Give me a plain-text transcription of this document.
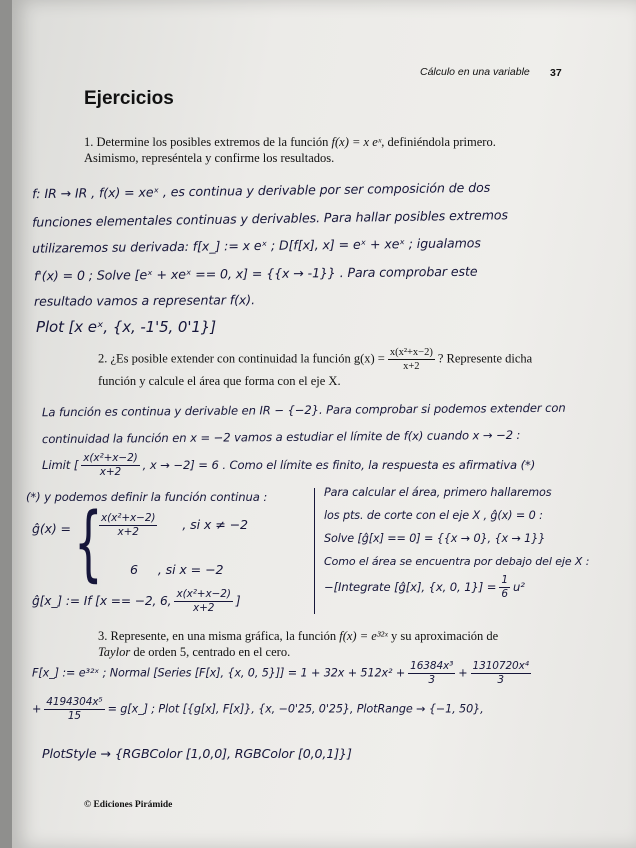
Cálculo en una variable 37
Ejercicios

1. Determine los posibles extremos de la función f(x) = x eˣ, definiéndola primero.
Asimismo, represéntela y confirme los resultados.

f: IR → IR , f(x) = xeˣ , es continua y derivable por ser composición de dos
funciones elementales continuas y derivables. Para hallar posibles extremos
utilizaremos su derivada: f[x_] := x eˣ ; D[f[x], x] = eˣ + xeˣ ; igualamos
f'(x) = 0 ; Solve [eˣ + xeˣ == 0, x] = {{x → -1}} . Para comprobar este
resultado vamos a representar f(x).
Plot [x eˣ, {x, -1'5, 0'1}]

2. ¿Es posible extender con continuidad la función $g(x) = \frac{\text{x(x²+x−2)}}{x+2}$ ? Represente dicha
función y calcule el área que forma con el eje X.

La función es continua y derivable en IR − {−2}. Para comprobar si podemos extender con
continuidad la función en x = −2 vamos a estudiar el límite de f(x) cuando x → −2 :
Limit [ $\frac{\text{x(x²+x−2)}}{x+2}$ , x → −2] = 6 . Como el límite es finito, la respuesta es afirmativa (*)
(*) y podemos definir la función continua :
ĝ(x) = {
$\frac{\text{x(x²+x−2)}}{x+2}$ , si x ≠ −2
6 , si x = −2
ĝ[x_] := If [x == −2, 6, $\frac{\text{x(x²+x−2)}}{x+2}$ ]
Para calcular el área, primero hallaremos
los pts. de corte con el eje X , ĝ(x) = 0 :
Solve [ĝ[x] == 0] = {{x → 0}, {x → 1}}
Como el área se encuentra por debajo del eje X :
−[Integrate [ĝ[x], {x, 0, $1\}] = \frac{1}{6} u^2$

3. Represente, en una misma gráfica, la función f(x) = e³²ˣ y su aproximación de
Taylor de orden 5, centrado en el cero.

F[x_] := e³²ˣ ; Normal [Series [F[x], {x, 0, $5\}]] = 1 + 32x + 512x^2 + \frac{\text{16384x³}}{3} + \frac{\text{1310720x⁴}}{3}$
+ $\frac{\text{4194304x⁵}}{15}$ = g[x_] ; Plot [{g[x], F[x]}, {x, −0'25, 0'25}, PlotRange → {−1, 50},
PlotStyle → {RGBColor [1,0,0], RGBColor [0,0,1]}]
© Ediciones Pirámide
